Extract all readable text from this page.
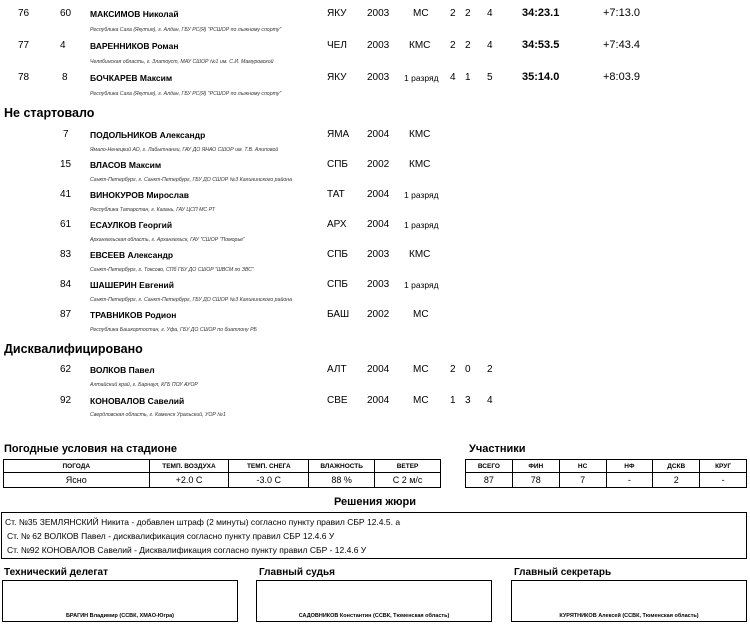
76	60 МАКСИМОВ Николай	ЯКУ 2003 МС 2 2 4	34:23.1	+7:13.0
Республика Саха (Якутия), г. Алдан, ГБУ РС(Я) "РСШОР по лыжному спорту"
77	4	ВАРЕННИКОВ Роман	ЧЕЛ 2003 КМС 2 2 4	34:53.5	+7:43.4
Челябинская область, г. Златоуст, МАУ СШОР №1 им. С.И. Мамуровской
78	8	БОЧКАРЕВ Максим	ЯКУ 2003 1 разряд 4 1 5	35:14.0	+8:03.9
Республика Саха (Якутия), г. Алдан, ГБУ РС(Я) "РСШОР по лыжному спорту"
Не стартовало
7	ПОДОЛЬНИКОВ Александр	ЯМА 2004 КМС
Ямало-Ненецкий АО, г. Лабытнанги, ГАУ ДО ЯНАО СШОР им. Т.В. Алиповой
15 ВЛАСОВ Максим	СПБ 2002 КМС
Санкт-Петербург, г. Санкт-Петербург, ГБУ ДО СШОР №3 Калининского района
41 ВИНОКУРОВ Мирослав	ТАТ 2004 1 разряд
Республика Татарстан, г. Казань, ГАУ ЦСП МС РТ
61 ЕСАУЛКОВ Георгий	АРХ 2004 1 разряд
Архангельская область, г. Архангельск, ГАУ "СШОР "Поморье"
83 ЕВСЕЕВ Александр	СПБ 2003 КМС
Санкт-Петербург, г. Токсово, СПб ГБУ ДО СШОР "ШВСМ по ЗВС"
84 ШАШЕРИН Евгений	СПБ 2003 1 разряд
Санкт-Петербург, г. Санкт-Петербург, ГБУ ДО СШОР №3 Калининского района
87 ТРАВНИКОВ Родион	БАШ 2002 МС
Республика Башкортостан, г. Уфа, ГБУ ДО СШОР по биатлону РБ
Дисквалифицировано
62 ВОЛКОВ Павел	АЛТ 2004 МС 2 0 2
Алтайский край, г. Барнаул, КГБ ПОУ АУОР
92 КОНОВАЛОВ Савелий	СВЕ 2004 МС 1 3 4
Свердловская область, г. Каменск Уральский, УОР №1
Погодные условия на стадионе
ПОГОДА	ТЕМП. ВОЗДУХА	ТЕМП. СНЕГА	ВЛАЖНОСТЬ	ВЕТЕР
Ясно	+2.0 С	-3.0 С	88 %	С 2 м/с
Участники
ВСЕГО	ФИН	НС	НФ	ДСКВ	КРУГ
87	78	7	-	2	-
Решения жюри
Ст. №35 ЗЕМЛЯНСКИЙ Никита - добавлен штраф (2 минуты) согласно пункту правил СБР 12.4.5. а
Ст. № 62 ВОЛКОВ Павел - дисквалификация согласно пункту правил СБР 12.4.6 У
Ст. №92 КОНОВАЛОВ Савелий - Дисквалификация согласно пункту правил СБР - 12.4.6 У
Технический делегат
БРАГИН Владимир (ССВК, ХМАО-Югра)
Главный судья
САДОВНИКОВ Константин (ССВК, Тюменская область)
Главный секретарь
КУРЯТНИКОВ Алексей (ССВК, Тюменская область)
